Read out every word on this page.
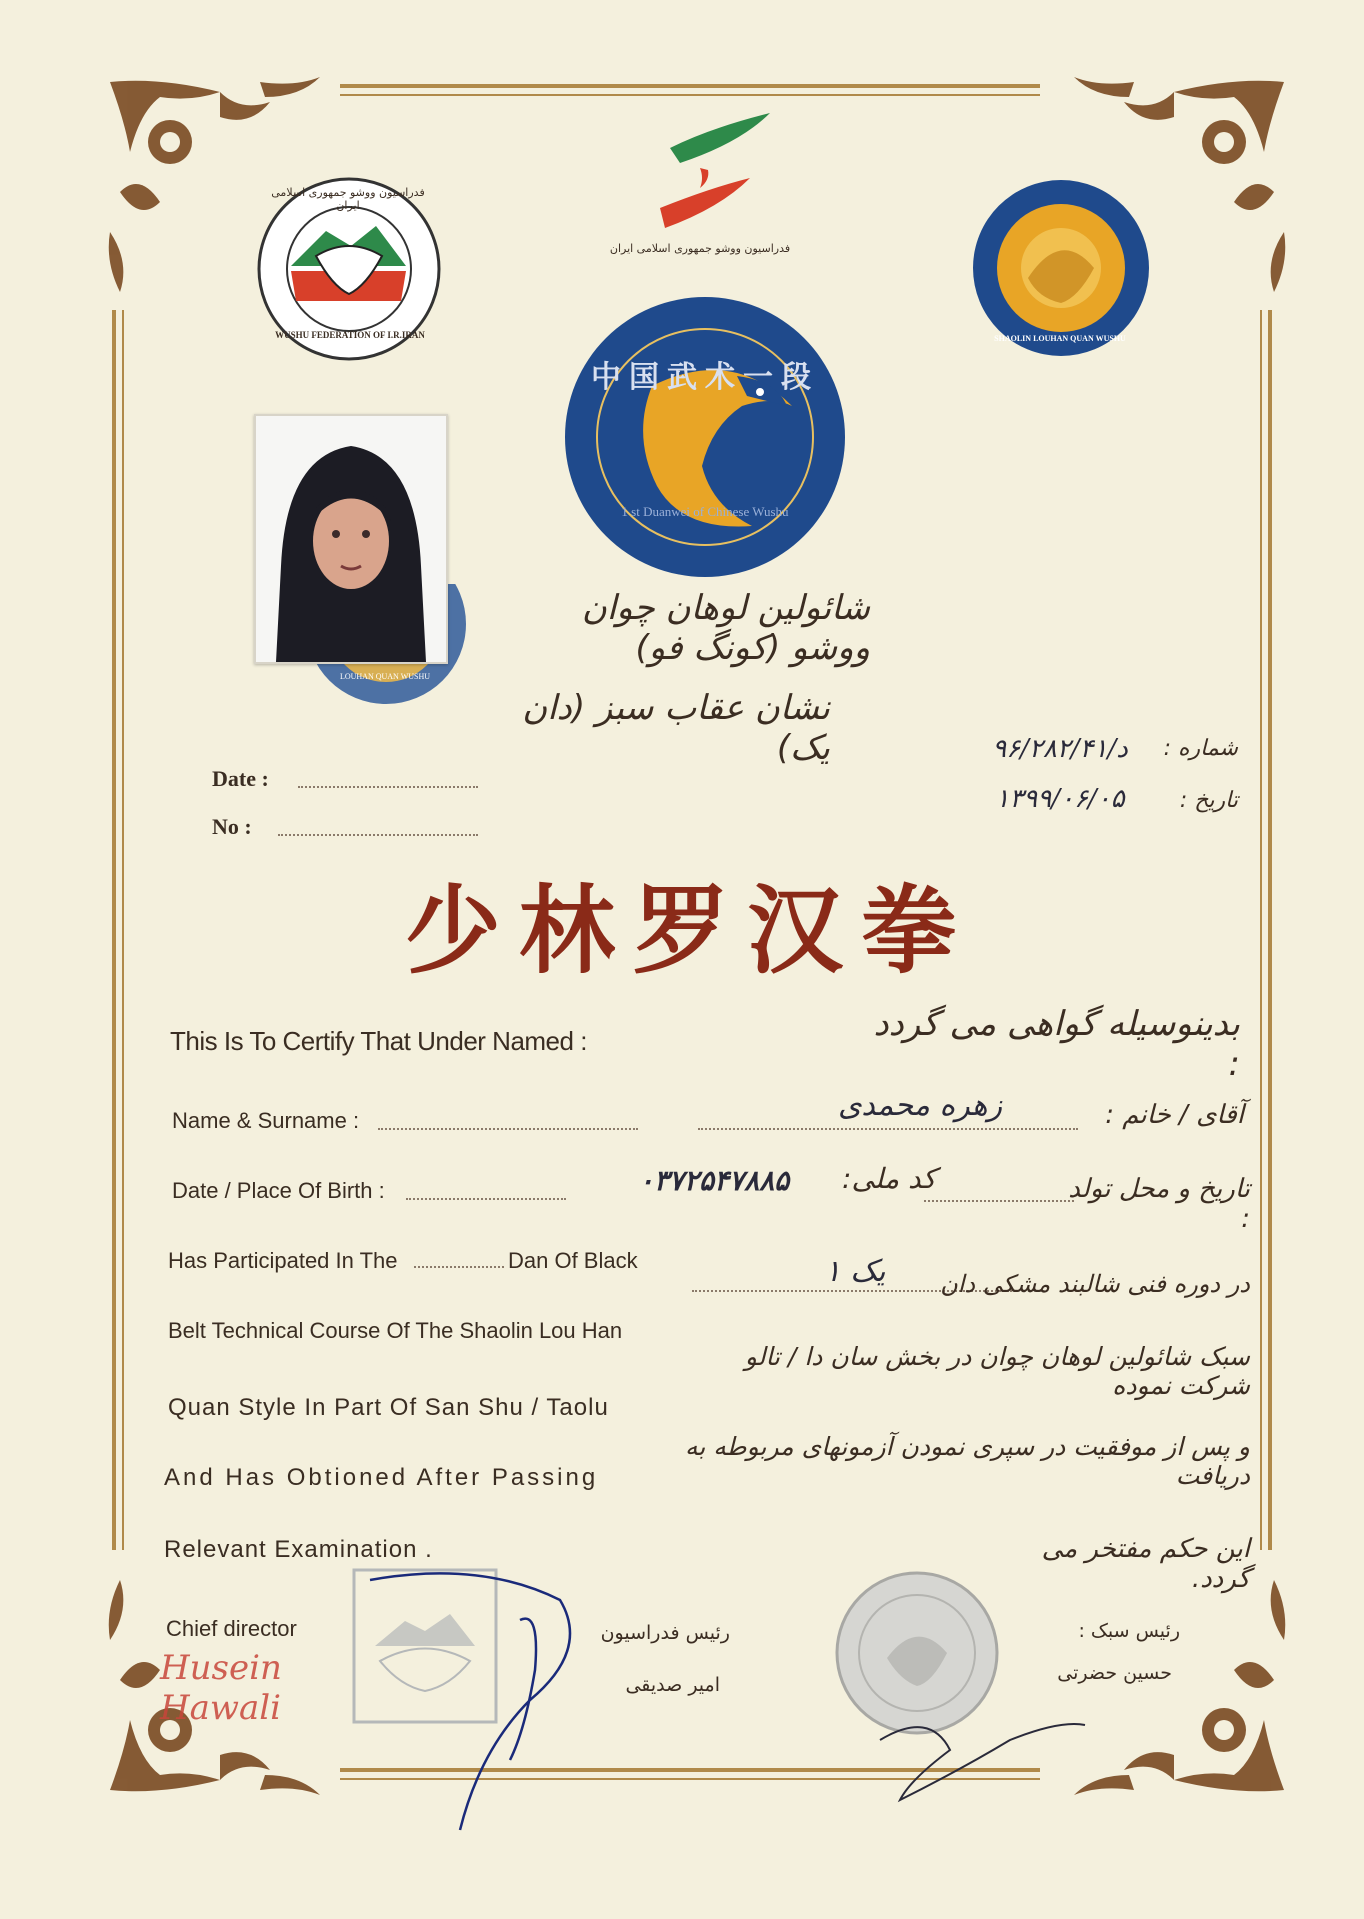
فدراسیون ووشو جمهوری اسلامی ایران
WUSHU FEDERATION OF I.R.IRAN
فدراسیون ووشو جمهوری اسلامی ایران
SHAOLIN LOUHAN QUAN WUSHU
中国武术一段
1 st Duanwei of Chinese Wushu
LOUHAN QUAN WUSHU
شائولین لوهان چوان ووشو (کونگ فو)
نشان عقاب سبز (دان یک)
Date :
No :
شماره :
۹۶/۲۸۲/د/۴۱
تاریخ :
۱۳۹۹/۰۶/۰۵
少林罗汉拳
This Is To Certify That Under Named :	بدینوسیله گواهی می گردد :
Name & Surname :	زهره محمدی	آقای / خانم :
Date / Place Of Birth :	۰۳۷۲۵۴۷۸۸۵	کد ملی:	تاریخ و محل تولد :
Has Participated In The	Dan Of Black	یک ۱	در دوره فنی شالبند مشکی دان
Belt Technical Course Of The Shaolin Lou Han
سبک شائولین لوهان چوان در بخش سان دا / تالو شرکت نموده
Quan Style In Part Of San Shu / Taolu
و پس از موفقیت در سپری نمودن آزمونهای مربوطه به دریافت
And Has Obtioned After Passing
این حکم مفتخر می گردد.
Relevant Examination .
Chief director
Husein Hawali
رئیس فدراسیون
امیر صدیقی
رئیس سبک :
حسین حضرتی
